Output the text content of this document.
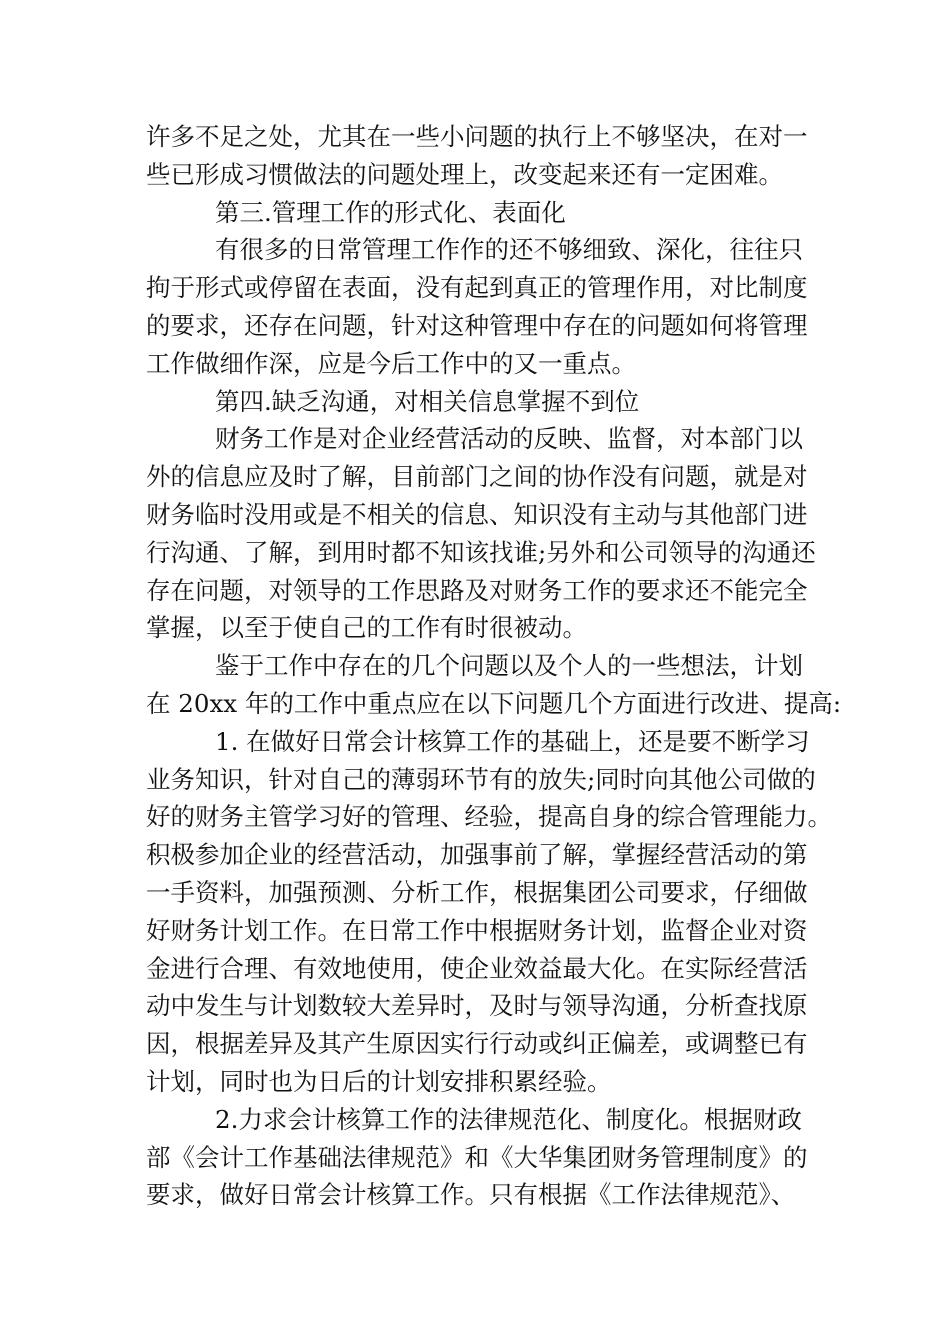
许多不足之处，尤其在一些小问题的执行上不够坚决，在对一
些已形成习惯做法的问题处理上，改变起来还有一定困难。
第三.管理工作的形式化、表面化
有很多的日常管理工作作的还不够细致、深化，往往只
拘于形式或停留在表面，没有起到真正的管理作用，对比制度
的要求，还存在问题，针对这种管理中存在的问题如何将管理
工作做细作深，应是今后工作中的又一重点。
第四.缺乏沟通，对相关信息掌握不到位
财务工作是对企业经营活动的反映、监督，对本部门以
外的信息应及时了解，目前部门之间的协作没有问题，就是对
财务临时没用或是不相关的信息、知识没有主动与其他部门进
行沟通、了解，到用时都不知该找谁;另外和公司领导的沟通还
存在问题，对领导的工作思路及对财务工作的要求还不能完全
掌握，以至于使自己的工作有时很被动。
鉴于工作中存在的几个问题以及个人的一些想法，计划
在 20xx 年的工作中重点应在以下问题几个方面进行改进、提高:
1. 在做好日常会计核算工作的基础上，还是要不断学习
业务知识，针对自己的薄弱环节有的放失;同时向其他公司做的
好的财务主管学习好的管理、经验，提高自身的综合管理能力。
积极参加企业的经营活动，加强事前了解，掌握经营活动的第
一手资料，加强预测、分析工作，根据集团公司要求，仔细做
好财务计划工作。在日常工作中根据财务计划，监督企业对资
金进行合理、有效地使用，使企业效益最大化。在实际经营活
动中发生与计划数较大差异时，及时与领导沟通，分析查找原
因，根据差异及其产生原因实行行动或纠正偏差，或调整已有
计划，同时也为日后的计划安排积累经验。
2.力求会计核算工作的法律规范化、制度化。根据财政
部《会计工作基础法律规范》和《大华集团财务管理制度》的
要求，做好日常会计核算工作。只有根据《工作法律规范》、
